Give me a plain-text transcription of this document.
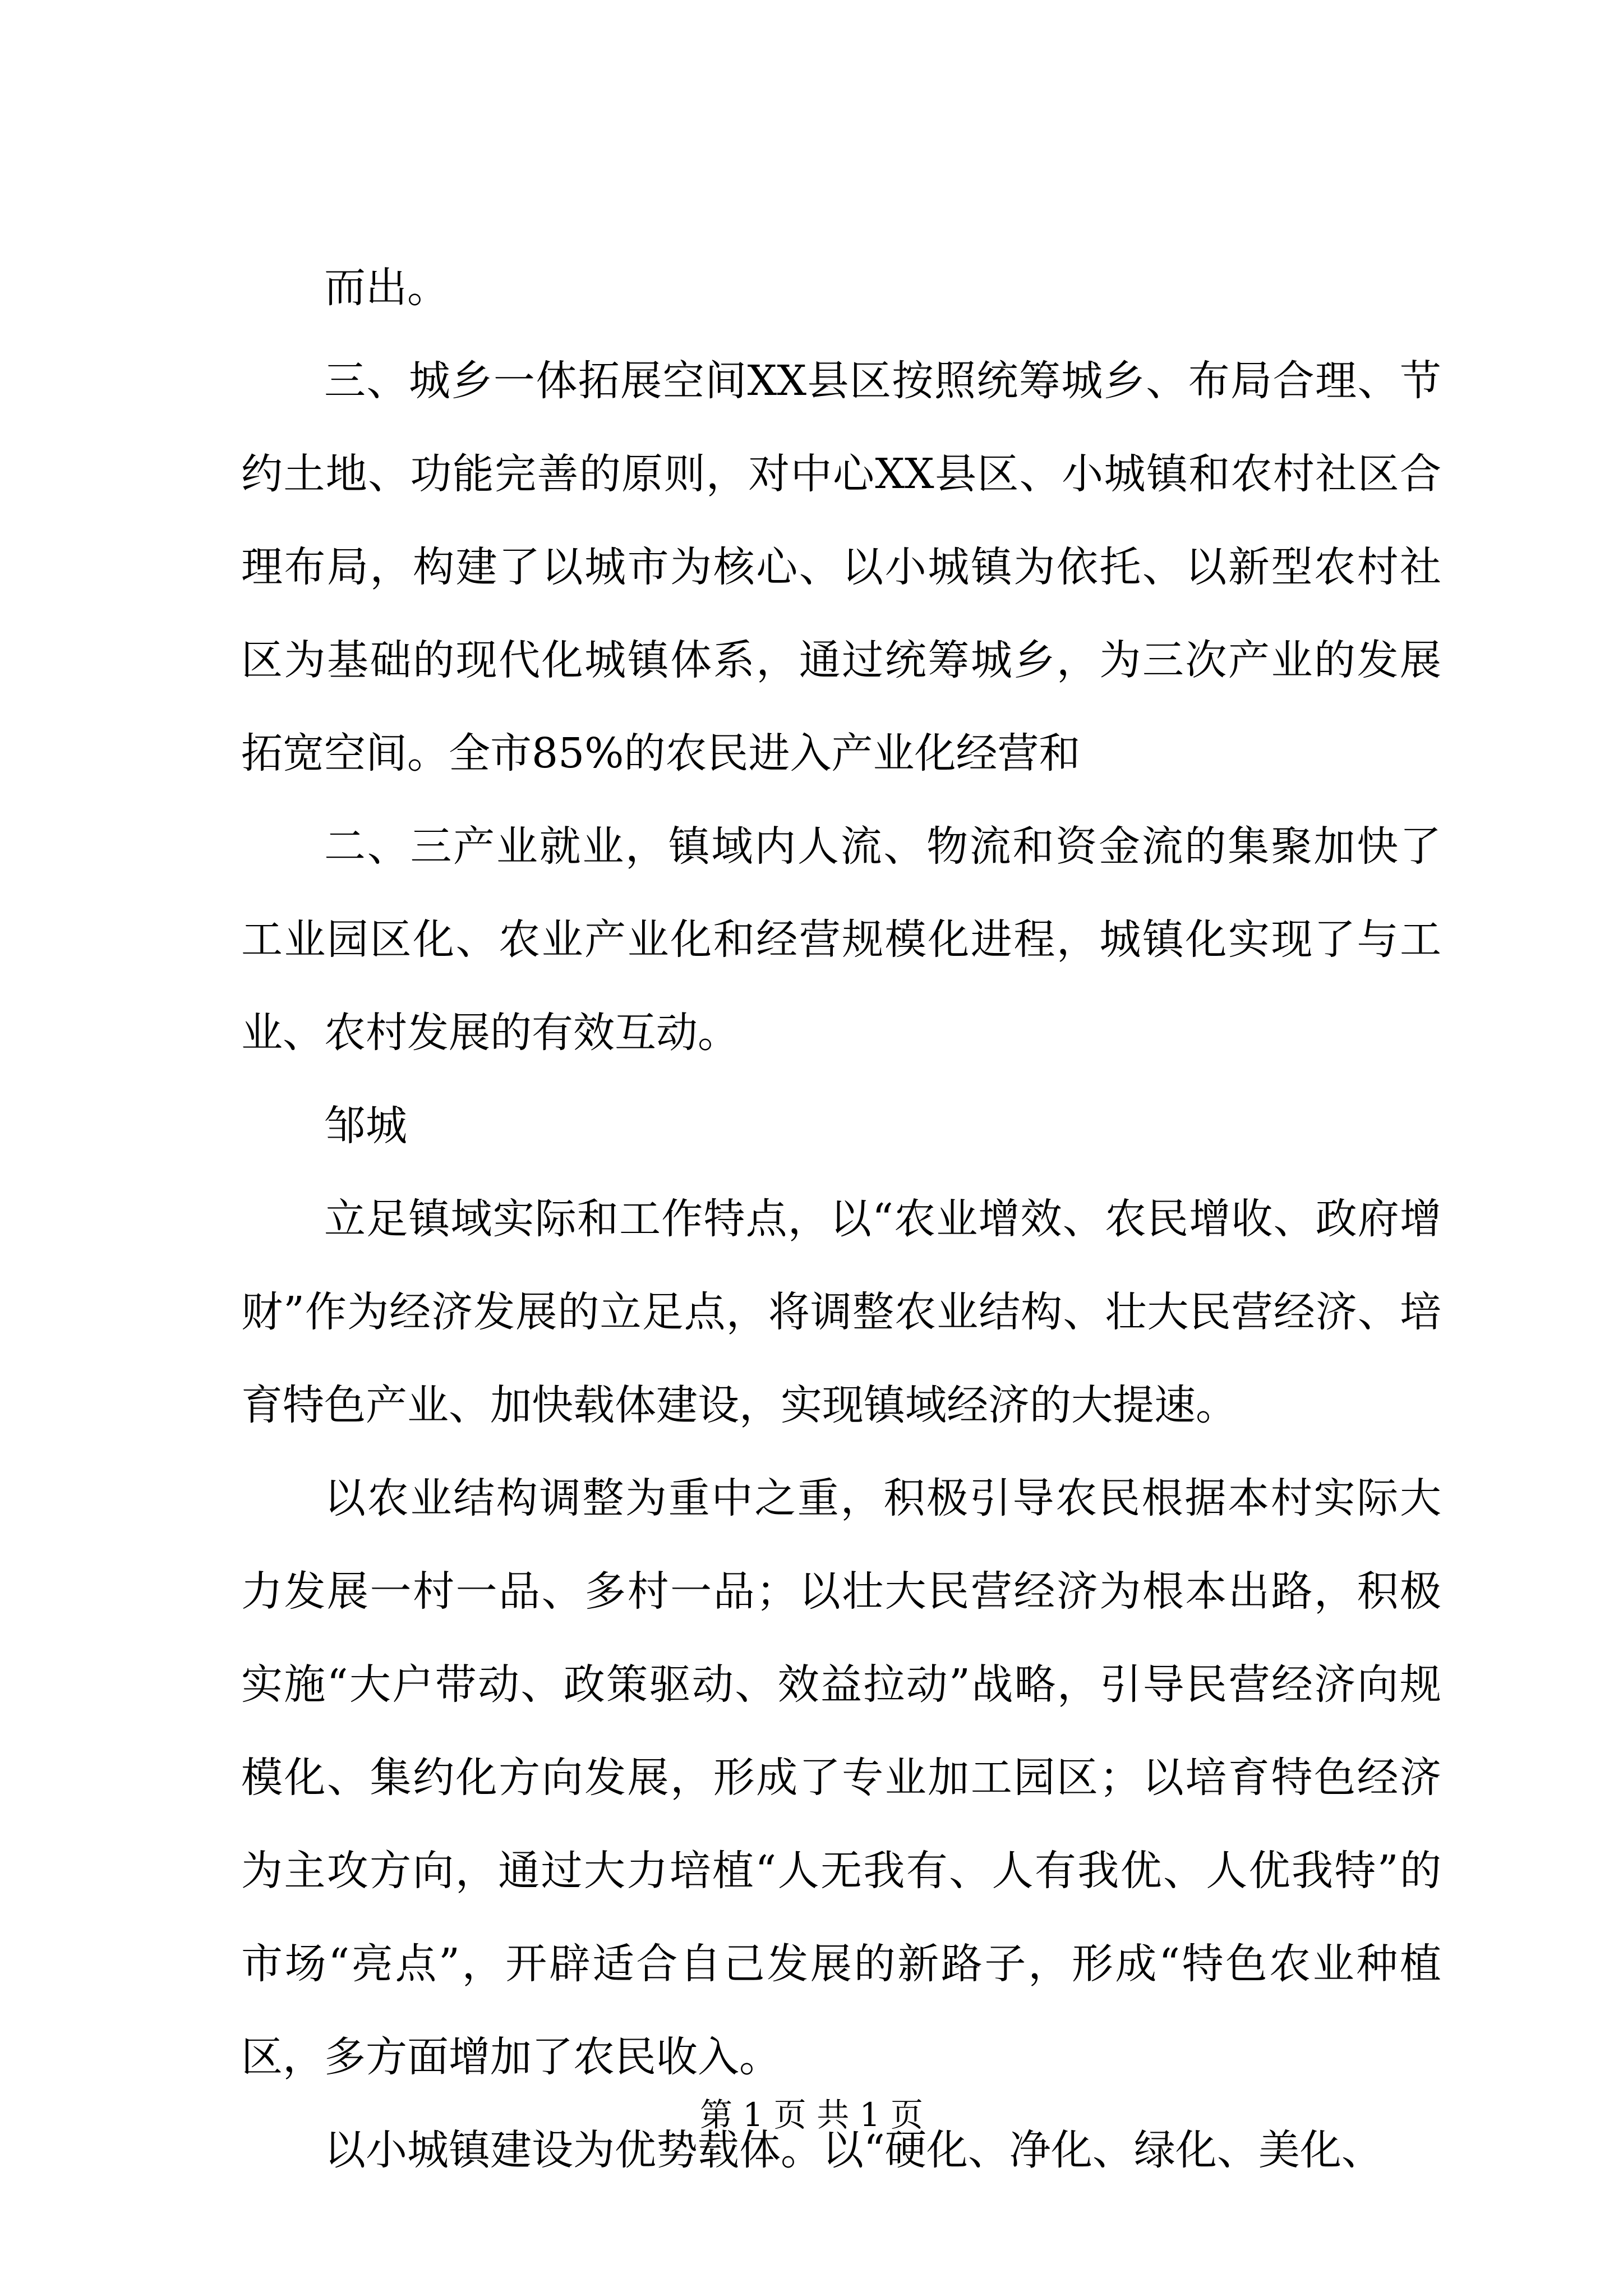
而出。

三、城乡一体拓展空间XX县区按照统筹城乡、布局合理、节约土地、功能完善的原则，对中心XX县区、小城镇和农村社区合理布局，构建了以城市为核心、以小城镇为依托、以新型农村社区为基础的现代化城镇体系，通过统筹城乡，为三次产业的发展拓宽空间。全市85%的农民进入产业化经营和

二、三产业就业，镇域内人流、物流和资金流的集聚加快了工业园区化、农业产业化和经营规模化进程，城镇化实现了与工业、农村发展的有效互动。

邹城

立足镇域实际和工作特点，以“农业增效、农民增收、政府增财”作为经济发展的立足点，将调整农业结构、壮大民营经济、培育特色产业、加快载体建设，实现镇域经济的大提速。

以农业结构调整为重中之重，积极引导农民根据本村实际大力发展一村一品、多村一品；以壮大民营经济为根本出路，积极实施“大户带动、政策驱动、效益拉动”战略，引导民营经济向规模化、集约化方向发展，形成了专业加工园区；以培育特色经济为主攻方向，通过大力培植“人无我有、人有我优、人优我特”的市场“亮点”，开辟适合自己发展的新路子，形成“特色农业种植区，多方面增加了农民收入。

以小城镇建设为优势载体。以“硬化、净化、绿化、美化、

第 1 页 共 1 页
